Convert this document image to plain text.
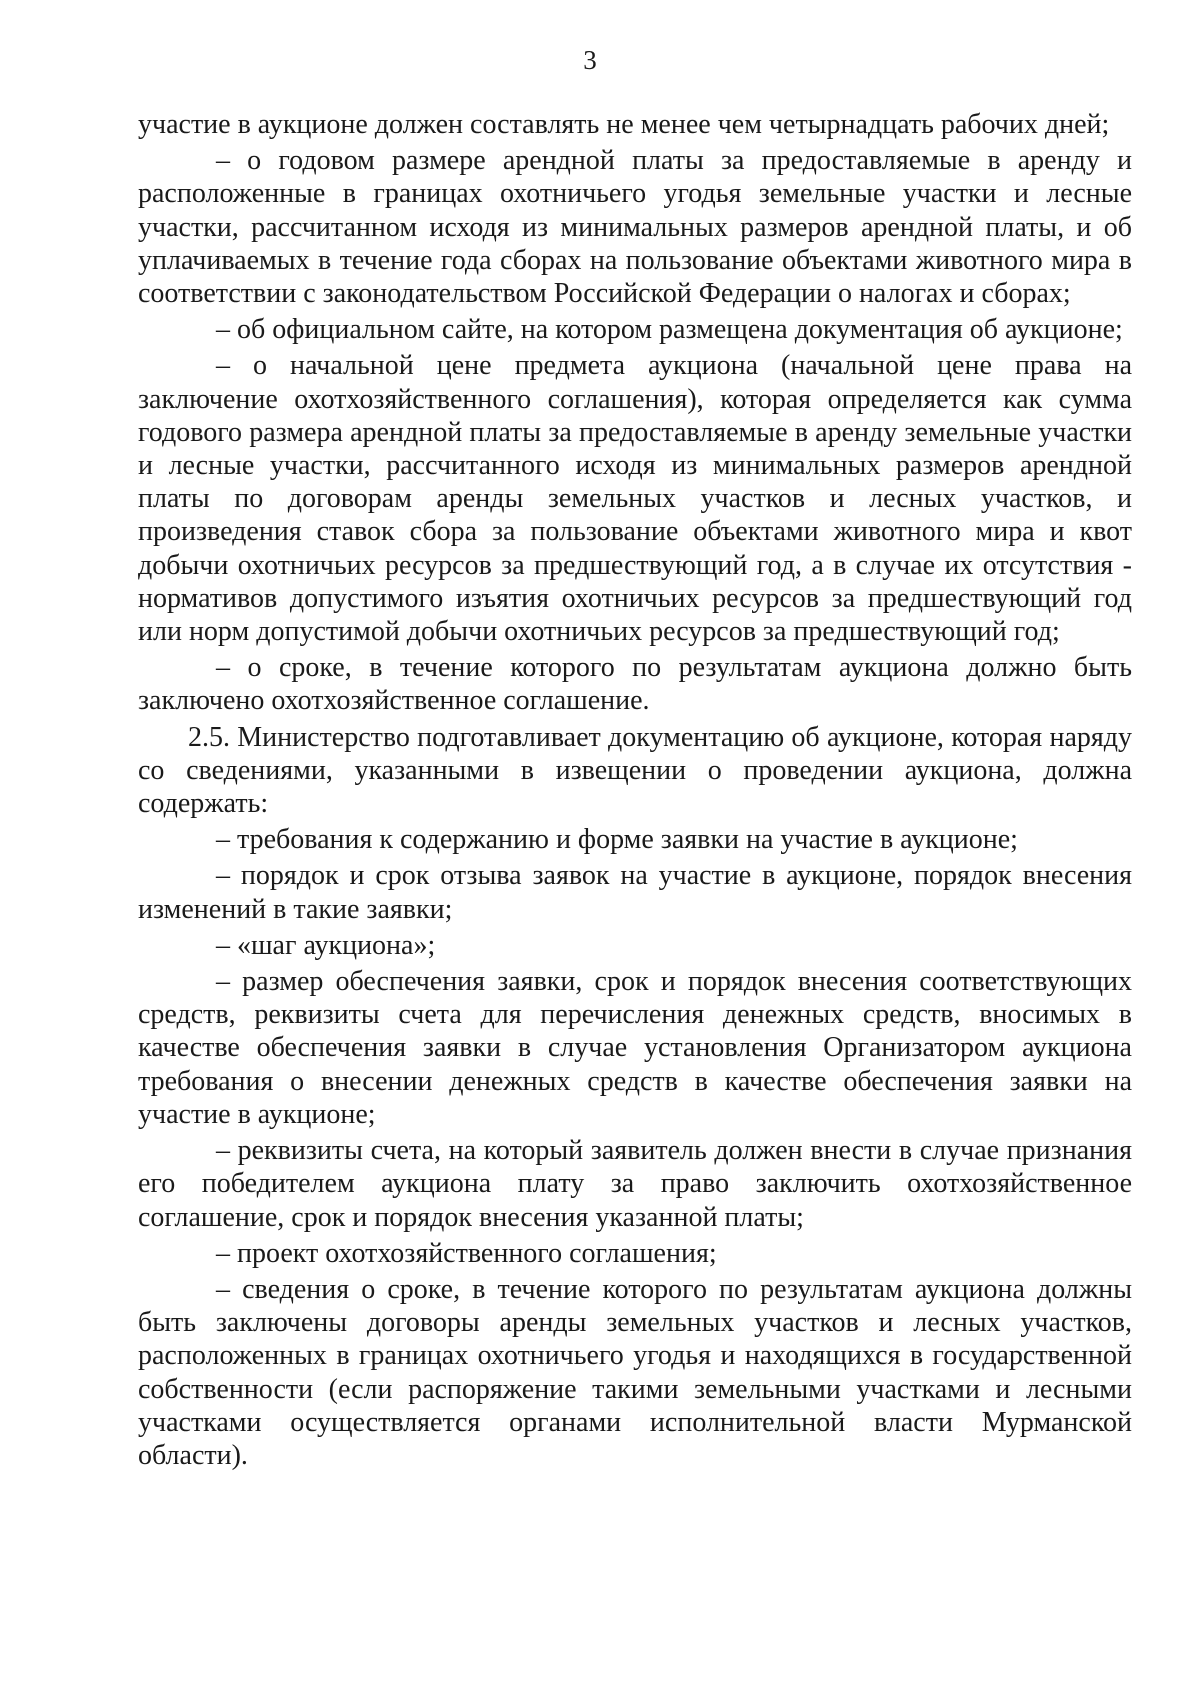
3

участие в аукционе должен составлять не менее чем четырнадцать рабочих дней;

– о годовом размере арендной платы за предоставляемые в аренду и расположенные в границах охотничьего угодья земельные участки и лесные участки, рассчитанном исходя из минимальных размеров арендной платы, и об уплачиваемых в течение года сборах на пользование объектами животного мира в соответствии с законодательством Российской Федерации о налогах и сборах;

– об официальном сайте, на котором размещена документация об аукционе;

– о начальной цене предмета аукциона (начальной цене права на заключение охотхозяйственного соглашения), которая определяется как сумма годового размера арендной платы за предоставляемые в аренду земельные участки и лесные участки, рассчитанного исходя из минимальных размеров арендной платы по договорам аренды земельных участков и лесных участков, и произведения ставок сбора за пользование объектами животного мира и квот добычи охотничьих ресурсов за предшествующий год, а в случае их отсутствия - нормативов допустимого изъятия охотничьих ресурсов за предшествующий год или норм допустимой добычи охотничьих ресурсов за предшествующий год;

– о сроке, в течение которого по результатам аукциона должно быть заключено охотхозяйственное соглашение.

2.5. Министерство подготавливает документацию об аукционе, которая наряду со сведениями, указанными в извещении о проведении аукциона, должна содержать:

– требования к содержанию и форме заявки на участие в аукционе;

– порядок и срок отзыва заявок на участие в аукционе, порядок внесения изменений в такие заявки;

– «шаг аукциона»;

– размер обеспечения заявки, срок и порядок внесения соответствующих средств, реквизиты счета для перечисления денежных средств, вносимых в качестве обеспечения заявки в случае установления Организатором аукциона требования о внесении денежных средств в качестве обеспечения заявки на участие в аукционе;

– реквизиты счета, на который заявитель должен внести в случае признания его победителем аукциона плату за право заключить охотхозяйственное соглашение, срок и порядок внесения указанной платы;

– проект охотхозяйственного соглашения;

– сведения о сроке, в течение которого по результатам аукциона должны быть заключены договоры аренды земельных участков и лесных участков, расположенных в границах охотничьего угодья и находящихся в государственной собственности (если распоряжение такими земельными участками и лесными участками осуществляется органами исполнительной власти Мурманской области).
